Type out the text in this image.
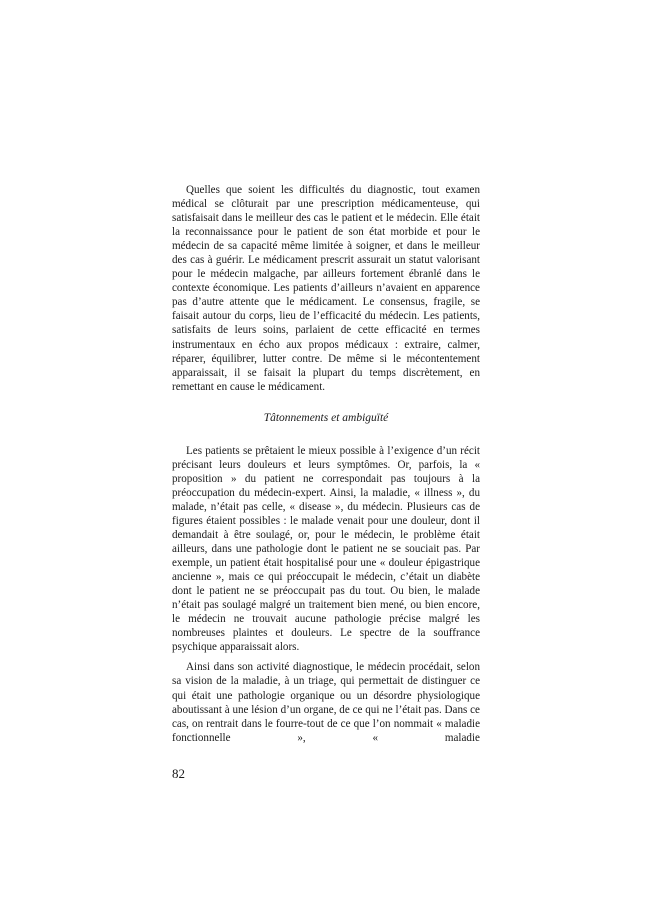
Quelles que soient les difficultés du diagnostic, tout examen médical se clôturait par une prescription médicamenteuse, qui satisfaisait dans le meilleur des cas le patient et le médecin. Elle était la reconnaissance pour le patient de son état morbide et pour le médecin de sa capacité même limitée à soigner, et dans le meilleur des cas à guérir. Le médicament prescrit assurait un statut valorisant pour le médecin malgache, par ailleurs fortement ébranlé dans le contexte économique. Les patients d’ailleurs n’avaient en apparence pas d’autre attente que le médicament. Le consensus, fragile, se faisait autour du corps, lieu de l’efficacité du médecin. Les patients, satisfaits de leurs soins, parlaient de cette efficacité en termes instrumentaux en écho aux propos médicaux : extraire, calmer, réparer, équilibrer, lutter contre. De même si le mécontentement apparaissait, il se faisait la plupart du temps discrètement, en remettant en cause le médicament.

Tâtonnements et ambiguïté

Les patients se prêtaient le mieux possible à l’exigence d’un récit précisant leurs douleurs et leurs symptômes. Or, parfois, la « proposition » du patient ne correspondait pas toujours à la préoccupation du médecin-expert. Ainsi, la maladie, « illness », du malade, n’était pas celle, « disease », du médecin. Plusieurs cas de figures étaient possibles : le malade venait pour une douleur, dont il demandait à être soulagé, or, pour le médecin, le problème était ailleurs, dans une pathologie dont le patient ne se souciait pas. Par exemple, un patient était hospitalisé pour une « douleur épigastrique ancienne », mais ce qui préoccupait le médecin, c’était un diabète dont le patient ne se préoccupait pas du tout. Ou bien, le malade n’était pas soulagé malgré un traitement bien mené, ou bien encore, le médecin ne trouvait aucune pathologie précise malgré les nombreuses plaintes et douleurs. Le spectre de la souffrance psychique apparaissait alors.

Ainsi dans son activité diagnostique, le médecin procédait, selon sa vision de la maladie, à un triage, qui permettait de distinguer ce qui était une pathologie organique ou un désordre physiologique aboutissant à une lésion d’un organe, de ce qui ne l’était pas. Dans ce cas, on rentrait dans le fourre-tout de ce que l’on nommait « maladie fonctionnelle », « maladie

82
